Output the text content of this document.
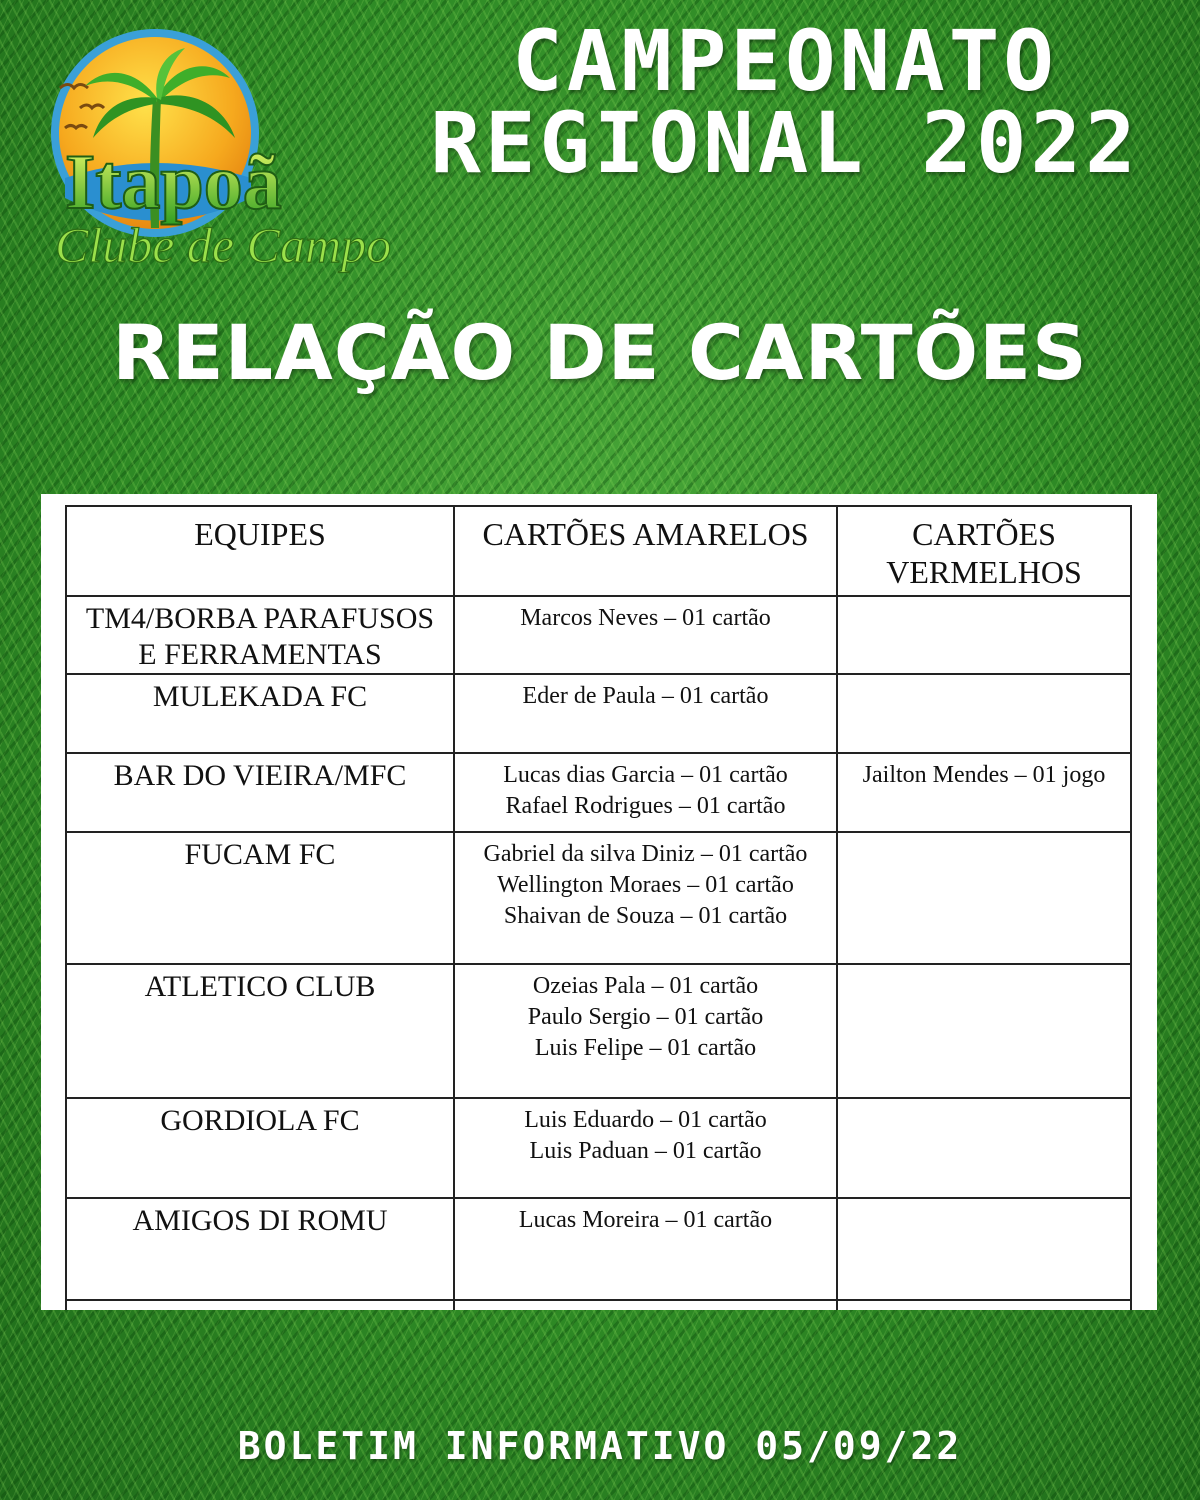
Itapoã
Clube de Campo
CAMPEONATO
REGIONAL 2022
RELAÇÃO DE CARTÕES
EQUIPES	CARTÕES AMARELOS	CARTÕES
VERMELHOS

TM4/BORBA PARAFUSOS
E FERRAMENTAS	Marcos Neves – 01 cartão	

MULEKADA FC	Eder de Paula – 01 cartão	

BAR DO VIEIRA/MFC	Lucas dias Garcia – 01 cartão
Rafael Rodrigues – 01 cartão	Jailton Mendes – 01 jogo

FUCAM FC	Gabriel da silva Diniz – 01 cartão
Wellington Moraes – 01 cartão
Shaivan de Souza – 01 cartão	

ATLETICO CLUB	Ozeias Pala – 01 cartão
Paulo Sergio – 01 cartão
Luis Felipe – 01 cartão	

GORDIOLA FC	Luis Eduardo – 01 cartão
Luis Paduan – 01 cartão	

AMIGOS DI ROMU	Lucas Moreira – 01 cartão	

BOLETIM INFORMATIVO 05/09/22
